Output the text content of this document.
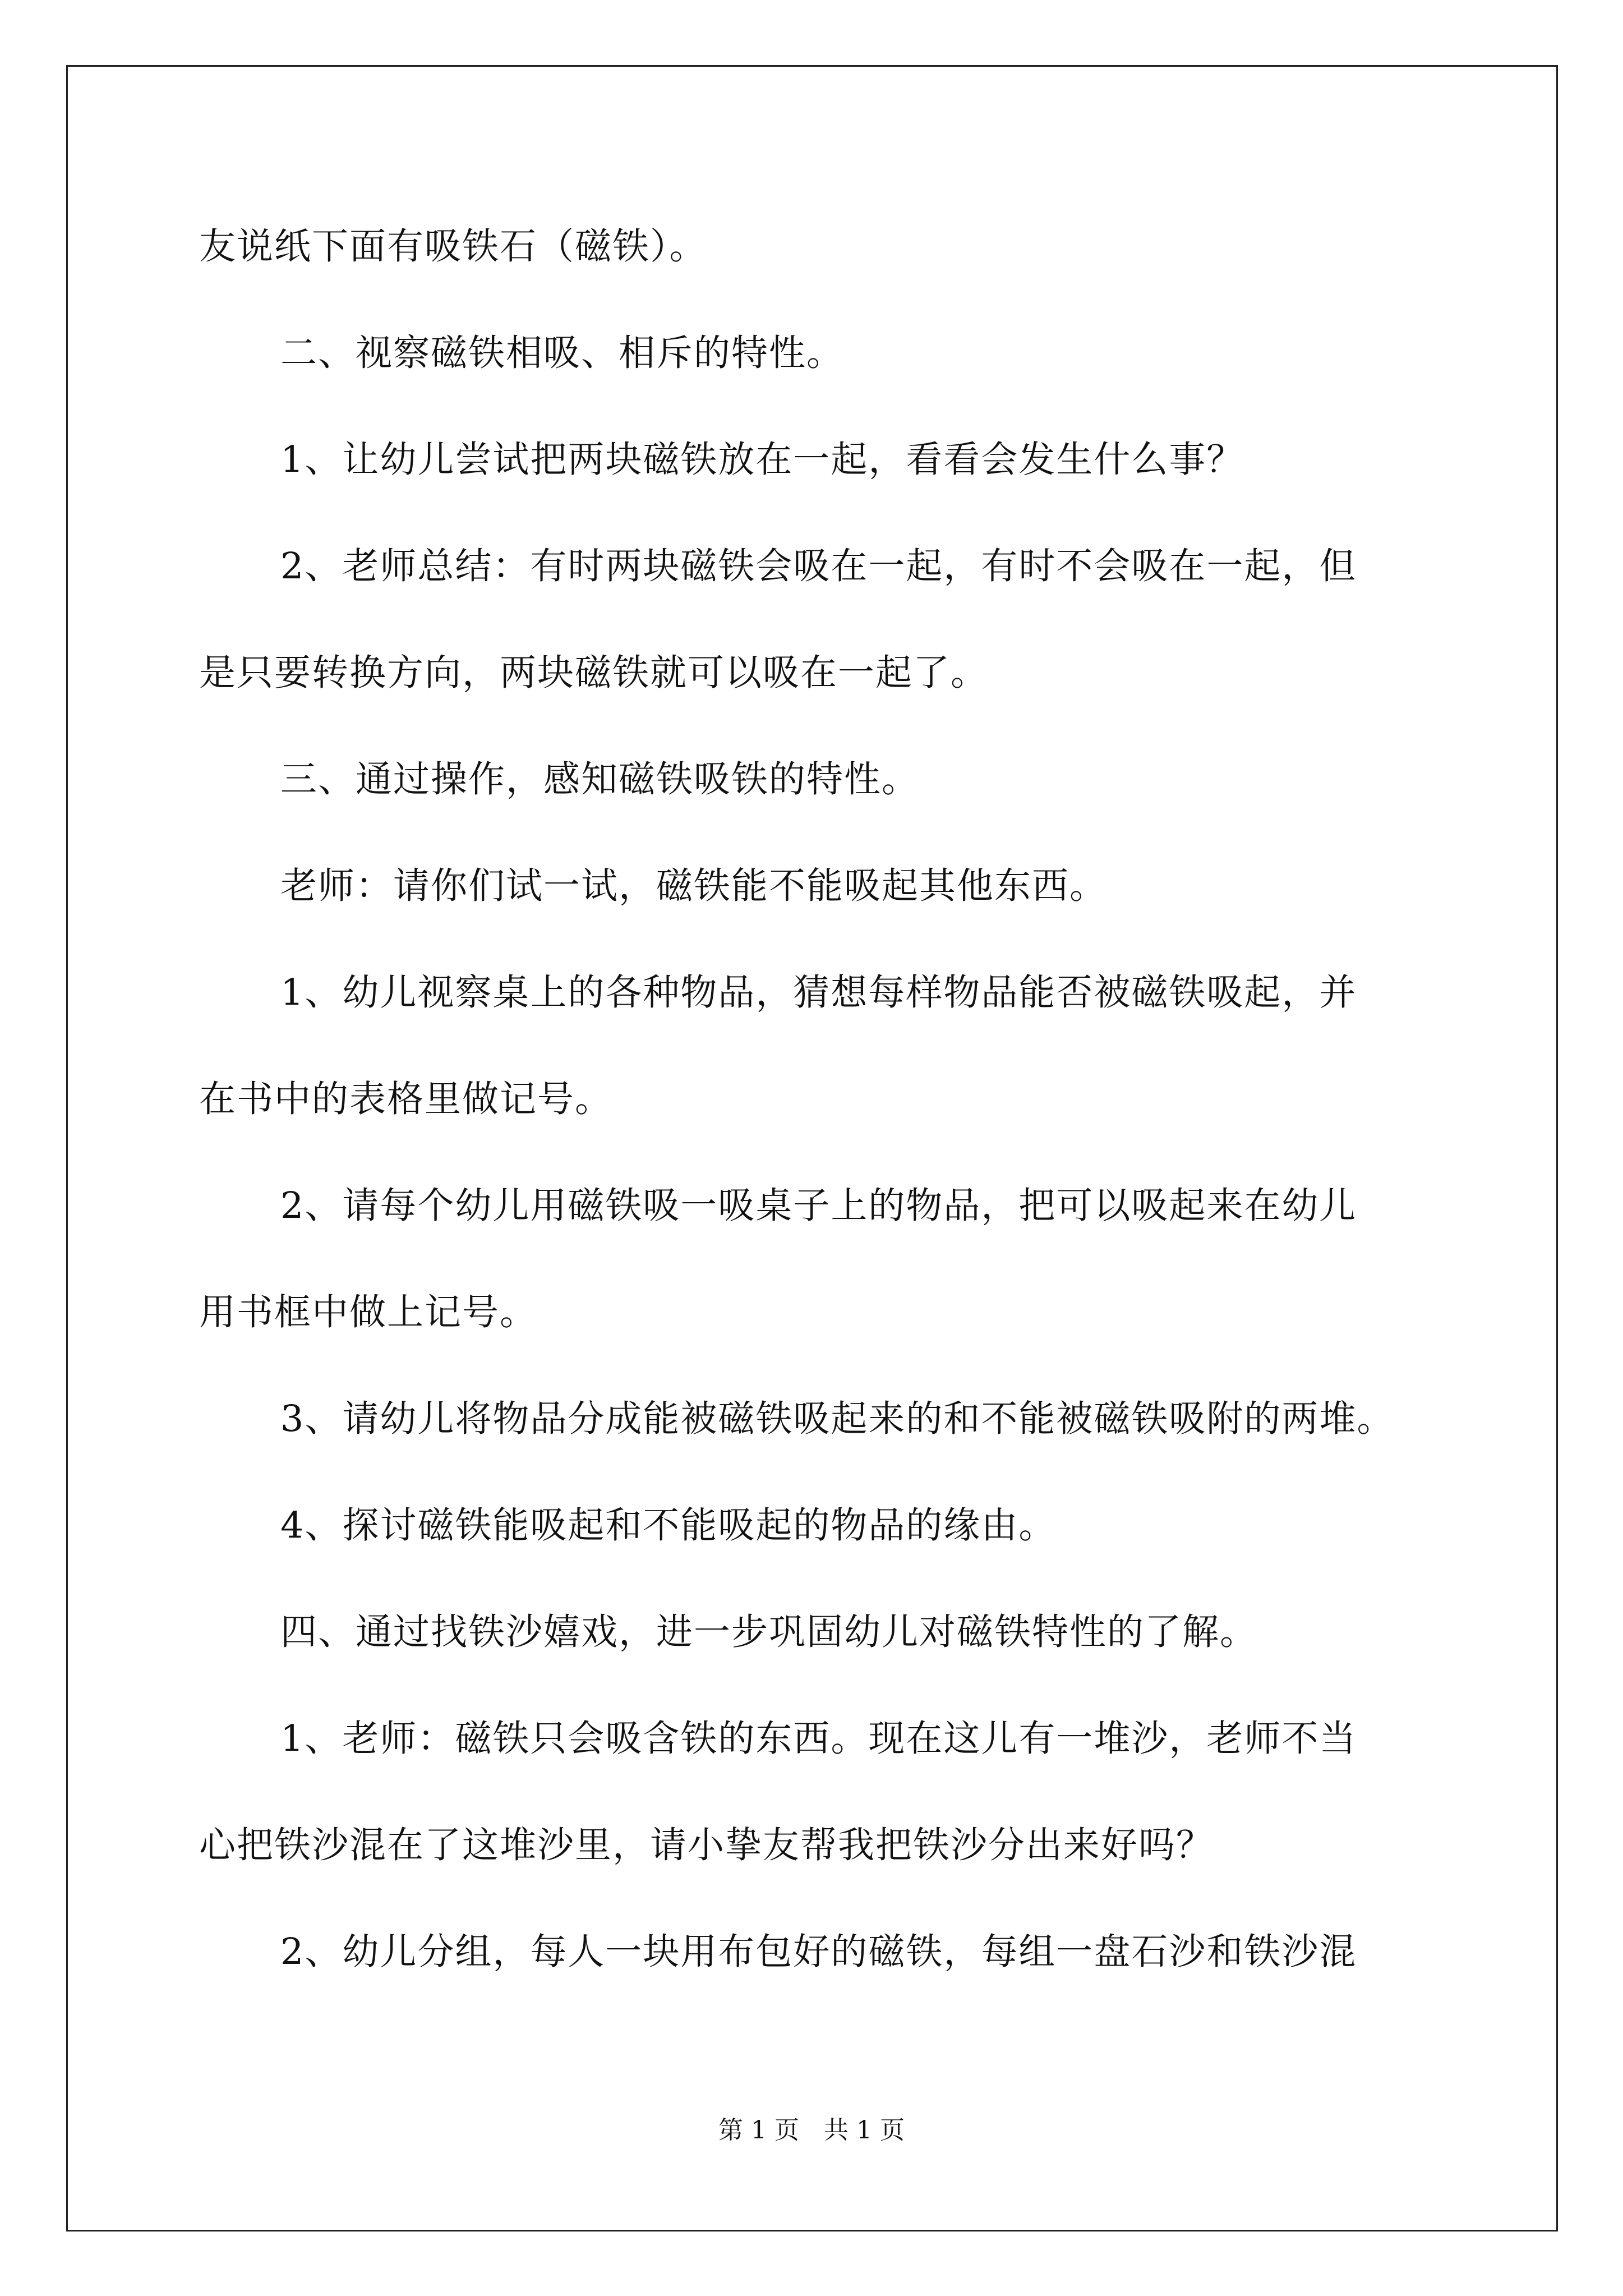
友说纸下面有吸铁石（磁铁）。
二、视察磁铁相吸、相斥的特性。
1、让幼儿尝试把两块磁铁放在一起，看看会发生什么事？
2、老师总结：有时两块磁铁会吸在一起，有时不会吸在一起，但
是只要转换方向，两块磁铁就可以吸在一起了。
三、通过操作，感知磁铁吸铁的特性。
老师：请你们试一试，磁铁能不能吸起其他东西。
1、幼儿视察桌上的各种物品，猜想每样物品能否被磁铁吸起，并
在书中的表格里做记号。
2、请每个幼儿用磁铁吸一吸桌子上的物品，把可以吸起来在幼儿
用书框中做上记号。
3、请幼儿将物品分成能被磁铁吸起来的和不能被磁铁吸附的两堆。
4、探讨磁铁能吸起和不能吸起的物品的缘由。
四、通过找铁沙嬉戏，进一步巩固幼儿对磁铁特性的了解。
1、老师：磁铁只会吸含铁的东西。现在这儿有一堆沙，老师不当
心把铁沙混在了这堆沙里，请小挚友帮我把铁沙分出来好吗？
2、幼儿分组，每人一块用布包好的磁铁，每组一盘石沙和铁沙混
第 1 页　共 1 页
